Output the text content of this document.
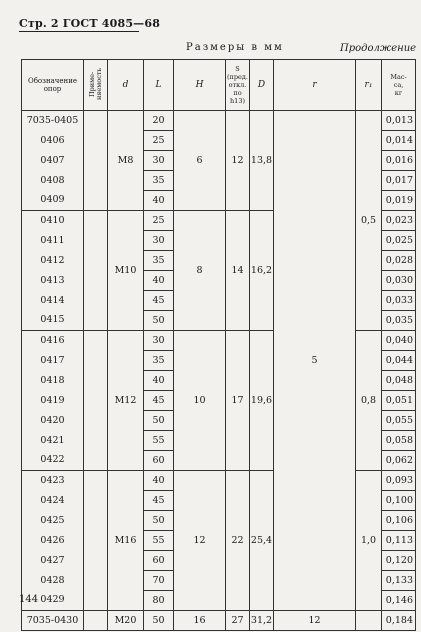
Стр. 2 ГОСТ 4085—68
Размеры в мм	Продолжение
Обозначение опор	Приме-
няемость	d	L	H	S
(пред.
откл.
по
h13)	D	r	r₁	Мас-
са,
кг
7035-0405		M8	20	6	12	13,8	5	0,5	0,013
0406			25						0,014
0407			30						0,016
0408			35						0,017
0409			40						0,019
0410		M10	25	8	14	16,2			0,023
0411			30						0,025
0412			35						0,028
0413			40						0,030
0414			45						0,033
0415			50						0,035
0416		M12	30	10	17	19,6		0,8	0,040
0417			35						0,044
0418			40						0,048
0419			45						0,051
0420			50						0,055
0421			55						0,058
0422			60						0,062
0423		M16	40	12	22	25,4		1,0	0,093
0424			45						0,100
0425			50						0,106
0426			55						0,113
0427			60						0,120
0428			70						0,133
0429			80						0,146
7035-0430		M20	50	16	27	31,2	12		0,184
144
